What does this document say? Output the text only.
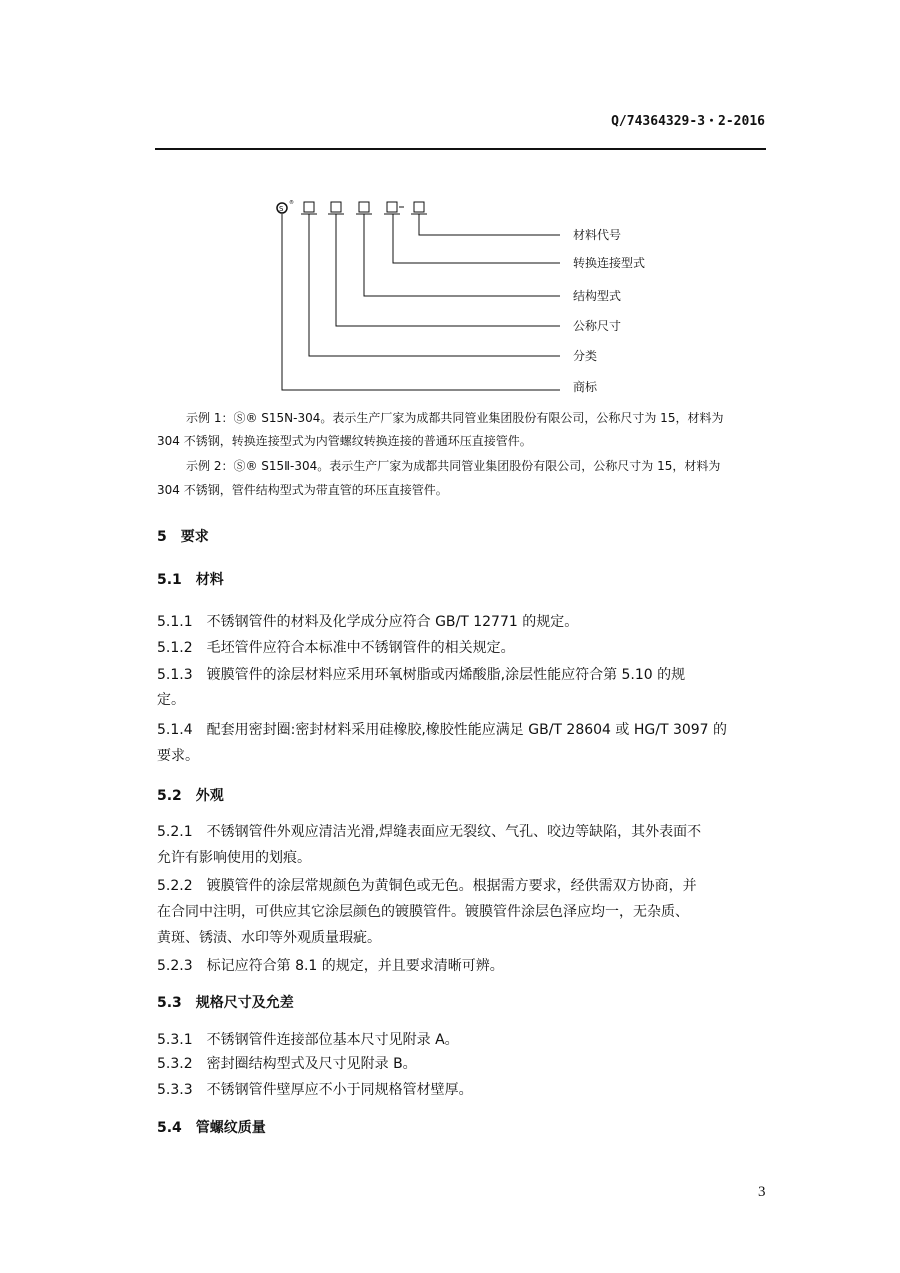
Q/74364329-3・2-2016
S
®
材料代号
转换连接型式
结构型式
公称尺寸
分类
商标
示例 1：Ⓢ® S15N-304。表示生产厂家为成都共同管业集团股份有限公司，公称尺寸为 15，材料为
304 不锈钢，转换连接型式为内管螺纹转换连接的普通环压直接管件。
示例 2：Ⓢ® S15Ⅱ-304。表示生产厂家为成都共同管业集团股份有限公司，公称尺寸为 15，材料为
304 不锈钢，管件结构型式为带直管的环压直接管件。
5　要求
5.1　材料
5.1.1　不锈钢管件的材料及化学成分应符合 GB/T 12771 的规定。
5.1.2　毛坯管件应符合本标准中不锈钢管件的相关规定。
5.1.3　镀膜管件的涂层材料应采用环氧树脂或丙烯酸脂,涂层性能应符合第 5.10 的规
定。
5.1.4　配套用密封圈:密封材料采用硅橡胶,橡胶性能应满足 GB/T 28604 或 HG/T 3097 的
要求。
5.2　外观
5.2.1　不锈钢管件外观应清洁光滑,焊缝表面应无裂纹、气孔、咬边等缺陷，其外表面不
允许有影响使用的划痕。
5.2.2　镀膜管件的涂层常规颜色为黄铜色或无色。根据需方要求，经供需双方协商，并
在合同中注明，可供应其它涂层颜色的镀膜管件。镀膜管件涂层色泽应均一，无杂质、
黄斑、锈渍、水印等外观质量瑕疵。
5.2.3　标记应符合第 8.1 的规定，并且要求清晰可辨。
5.3　规格尺寸及允差
5.3.1　不锈钢管件连接部位基本尺寸见附录 A。
5.3.2　密封圈结构型式及尺寸见附录 B。
5.3.3　不锈钢管件壁厚应不小于同规格管材壁厚。
5.4　管螺纹质量
3
